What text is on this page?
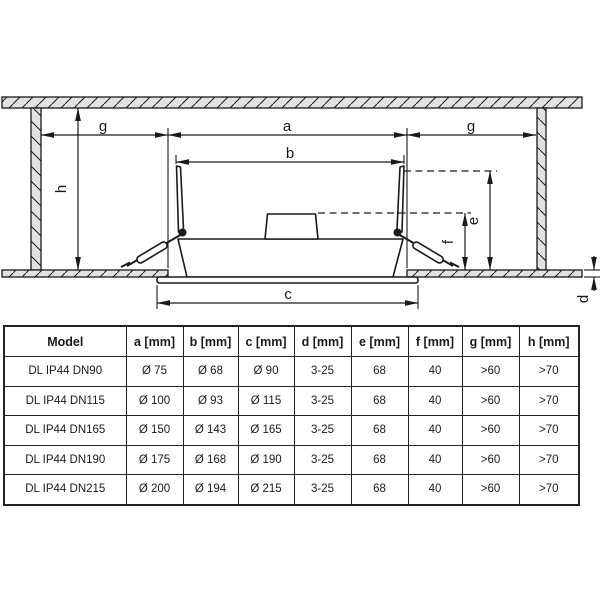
g	a	g
b
h
e
f
c	d
Model	a [mm]	b [mm]	c [mm]	d [mm]	e [mm]	f [mm]	g [mm]	h [mm]
DL IP44 DN90	Ø 75	Ø 68	Ø 90	3-25	68	40	>60	>70
DL IP44 DN115	Ø 100	Ø 93	Ø 115	3-25	68	40	>60	>70
DL IP44 DN165	Ø 150	Ø 143	Ø 165	3-25	68	40	>60	>70
DL IP44 DN190	Ø 175	Ø 168	Ø 190	3-25	68	40	>60	>70
DL IP44 DN215	Ø 200	Ø 194	Ø 215	3-25	68	40	>60	>70
